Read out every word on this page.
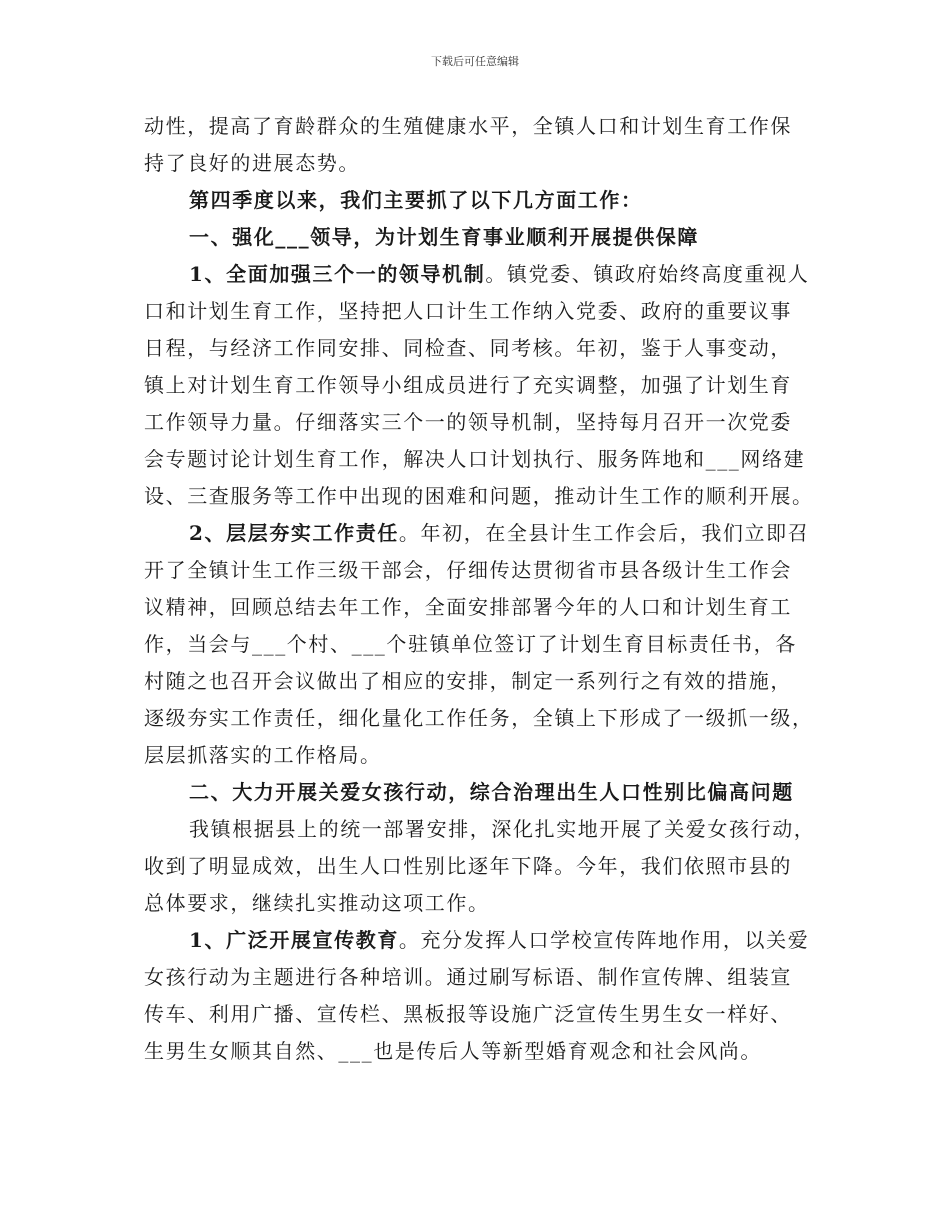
下载后可任意编辑
动性，提高了育龄群众的生殖健康水平，全镇人口和计划生育工作保
持了良好的进展态势。
第四季度以来，我们主要抓了以下几方面工作：
一、强化___领导，为计划生育事业顺利开展提供保障
1、全面加强三个一的领导机制。镇党委、镇政府始终高度重视人
口和计划生育工作，坚持把人口计生工作纳入党委、政府的重要议事
日程，与经济工作同安排、同检查、同考核。年初，鉴于人事变动，
镇上对计划生育工作领导小组成员进行了充实调整，加强了计划生育
工作领导力量。仔细落实三个一的领导机制，坚持每月召开一次党委
会专题讨论计划生育工作，解决人口计划执行、服务阵地和___网络建
设、三查服务等工作中出现的困难和问题，推动计生工作的顺利开展。
2、层层夯实工作责任。年初，在全县计生工作会后，我们立即召
开了全镇计生工作三级干部会，仔细传达贯彻省市县各级计生工作会
议精神，回顾总结去年工作，全面安排部署今年的人口和计划生育工
作，当会与___个村、___个驻镇单位签订了计划生育目标责任书，各
村随之也召开会议做出了相应的安排，制定一系列行之有效的措施，
逐级夯实工作责任，细化量化工作任务，全镇上下形成了一级抓一级，
层层抓落实的工作格局。
二、大力开展关爱女孩行动，综合治理出生人口性别比偏高问题
我镇根据县上的统一部署安排，深化扎实地开展了关爱女孩行动，
收到了明显成效，出生人口性别比逐年下降。今年，我们依照市县的
总体要求，继续扎实推动这项工作。
1、广泛开展宣传教育。充分发挥人口学校宣传阵地作用，以关爱
女孩行动为主题进行各种培训。通过刷写标语、制作宣传牌、组装宣
传车、利用广播、宣传栏、黑板报等设施广泛宣传生男生女一样好、
生男生女顺其自然、___也是传后人等新型婚育观念和社会风尚。
